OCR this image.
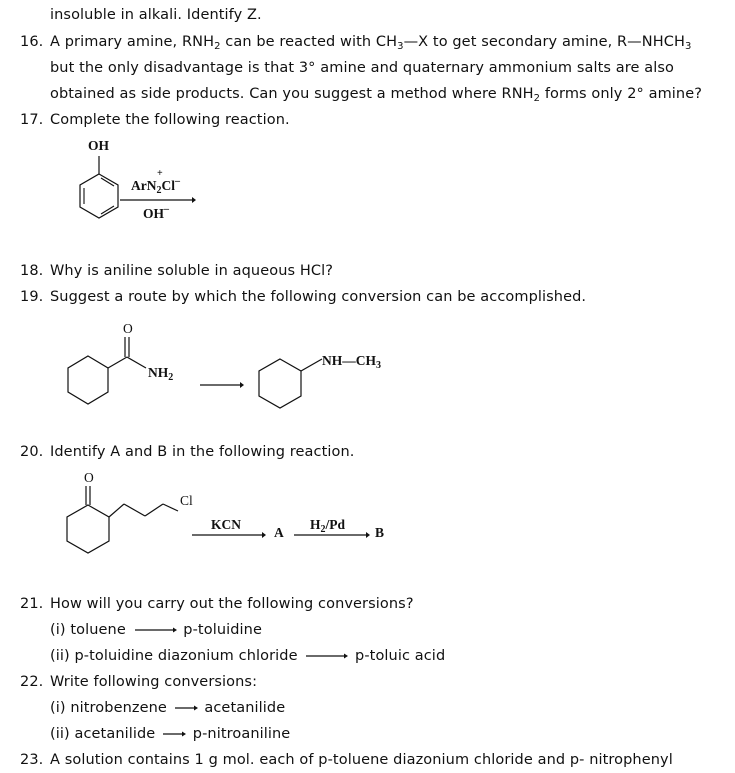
insoluble in alkali. Identify Z.
16. A primary amine, $RNH_2$ can be reacted with $CH_3—X$ to get secondary amine, $R—NHCH_3$
but the only disadvantage is that 3° amine and quaternary ammonium salts are also
obtained as side products. Can you suggest a method where $RNH_2$ forms only 2° amine?
17. Complete the following reaction.
OH
ArN$_2$Cl–
+
OH–
18. Why is aniline soluble in aqueous HCl?
19. Suggest a route by which the following conversion can be accomplished.
O
$NH_2$
$NH—CH_3$
20. Identify A and B in the following reaction.
O
Cl
KCN
A
$H_2/Pd$
B
21. How will you carry out the following conversions?
(i) toluene → p-toluidine
(ii) p-toluidine diazonium chloride → p-toluic acid
22. Write following conversions:
(i) nitrobenzene → acetanilide
(ii) acetanilide → p-nitroaniline
23. A solution contains 1 g mol. each of p-toluene diazonium chloride and p- nitrophenyl
